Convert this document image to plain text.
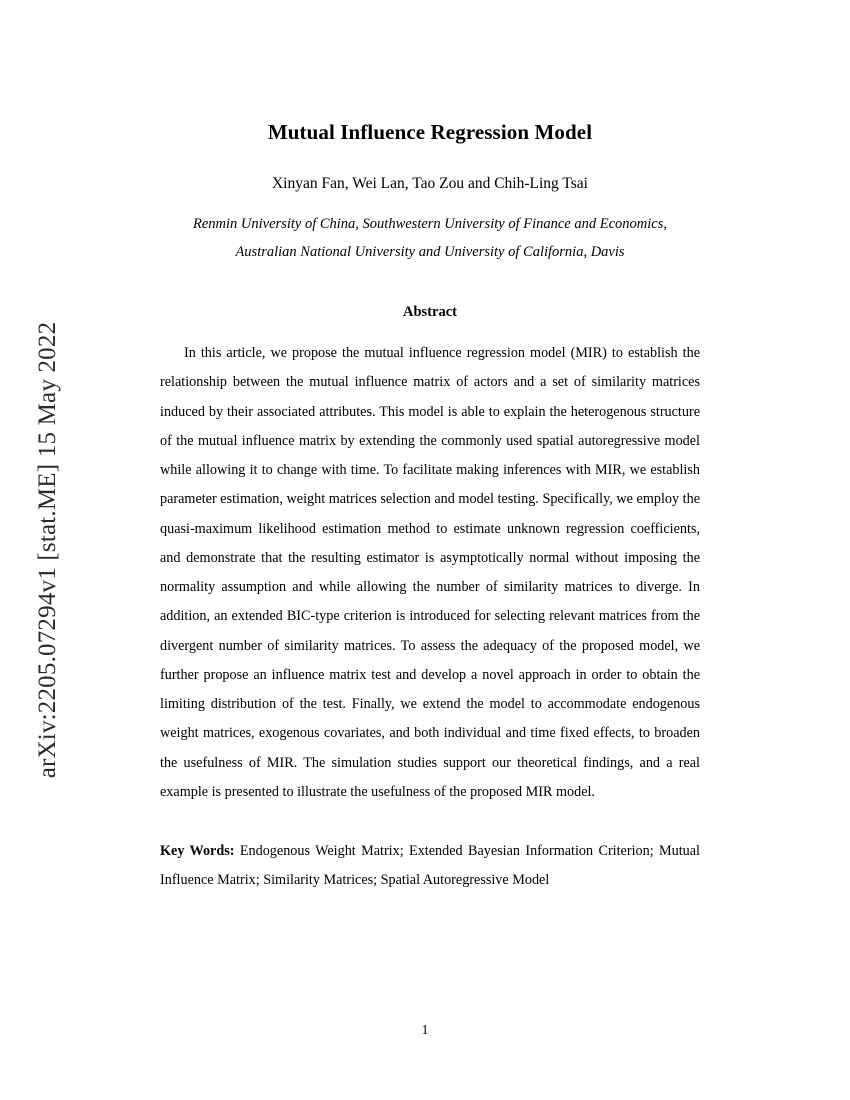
arXiv:2205.07294v1 [stat.ME] 15 May 2022
Mutual Influence Regression Model
Xinyan Fan, Wei Lan, Tao Zou and Chih-Ling Tsai
Renmin University of China, Southwestern University of Finance and Economics,
Australian National University and University of California, Davis
Abstract
In this article, we propose the mutual influence regression model (MIR) to establish the relationship between the mutual influence matrix of actors and a set of similarity matrices induced by their associated attributes. This model is able to explain the heterogenous structure of the mutual influence matrix by extending the commonly used spatial autoregressive model while allowing it to change with time. To facilitate making inferences with MIR, we establish parameter estimation, weight matrices selection and model testing. Specifically, we employ the quasi-maximum likelihood estimation method to estimate unknown regression coefficients, and demonstrate that the resulting estimator is asymptotically normal without imposing the normality assumption and while allowing the number of similarity matrices to diverge. In addition, an extended BIC-type criterion is introduced for selecting relevant matrices from the divergent number of similarity matrices. To assess the adequacy of the proposed model, we further propose an influence matrix test and develop a novel approach in order to obtain the limiting distribution of the test. Finally, we extend the model to accommodate endogenous weight matrices, exogenous covariates, and both individual and time fixed effects, to broaden the usefulness of MIR. The simulation studies support our theoretical findings, and a real example is presented to illustrate the usefulness of the proposed MIR model.
Key Words: Endogenous Weight Matrix; Extended Bayesian Information Criterion; Mutual Influence Matrix; Similarity Matrices; Spatial Autoregressive Model
1
